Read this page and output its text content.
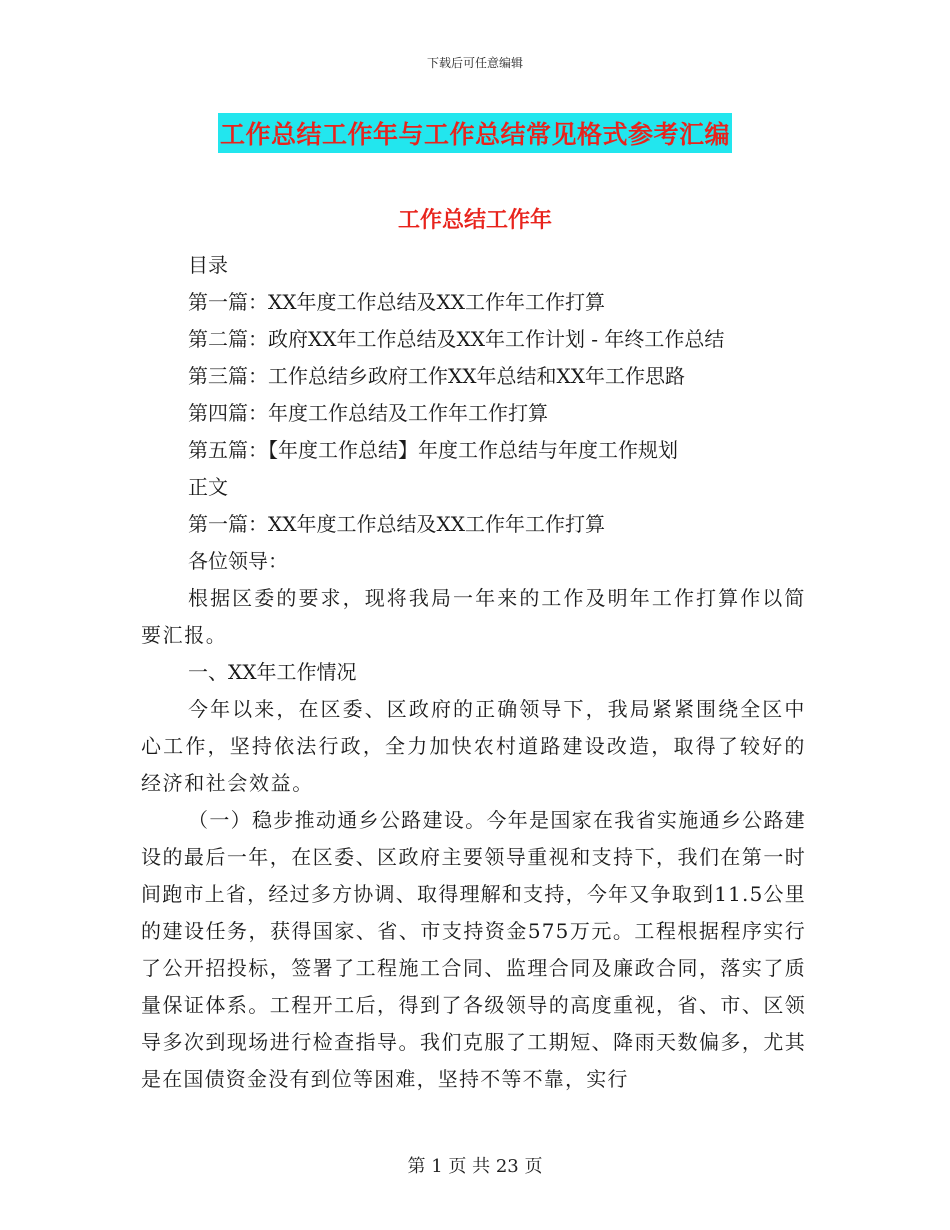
下载后可任意编辑
工作总结工作年与工作总结常见格式参考汇编
工作总结工作年
目录
第一篇：XX年度工作总结及XX工作年工作打算
第二篇：政府XX年工作总结及XX年工作计划 - 年终工作总结
第三篇：工作总结乡政府工作XX年总结和XX年工作思路
第四篇：年度工作总结及工作年工作打算
第五篇：【年度工作总结】年度工作总结与年度工作规划
正文
第一篇：XX年度工作总结及XX工作年工作打算
各位领导：

根据区委的要求，现将我局一年来的工作及明年工作打算作以简要汇报。

一、XX年工作情况

今年以来，在区委、区政府的正确领导下，我局紧紧围绕全区中心工作，坚持依法行政，全力加快农村道路建设改造，取得了较好的经济和社会效益。

（一）稳步推动通乡公路建设。今年是国家在我省实施通乡公路建设的最后一年，在区委、区政府主要领导重视和支持下，我们在第一时间跑市上省，经过多方协调、取得理解和支持，今年又争取到11.5公里的建设任务，获得国家、省、市支持资金575万元。工程根据程序实行了公开招投标，签署了工程施工合同、监理合同及廉政合同，落实了质量保证体系。工程开工后，得到了各级领导的高度重视，省、市、区领导多次到现场进行检查指导。我们克服了工期短、降雨天数偏多，尤其是在国债资金没有到位等困难，坚持不等不靠，实行

第 1 页 共 23 页
